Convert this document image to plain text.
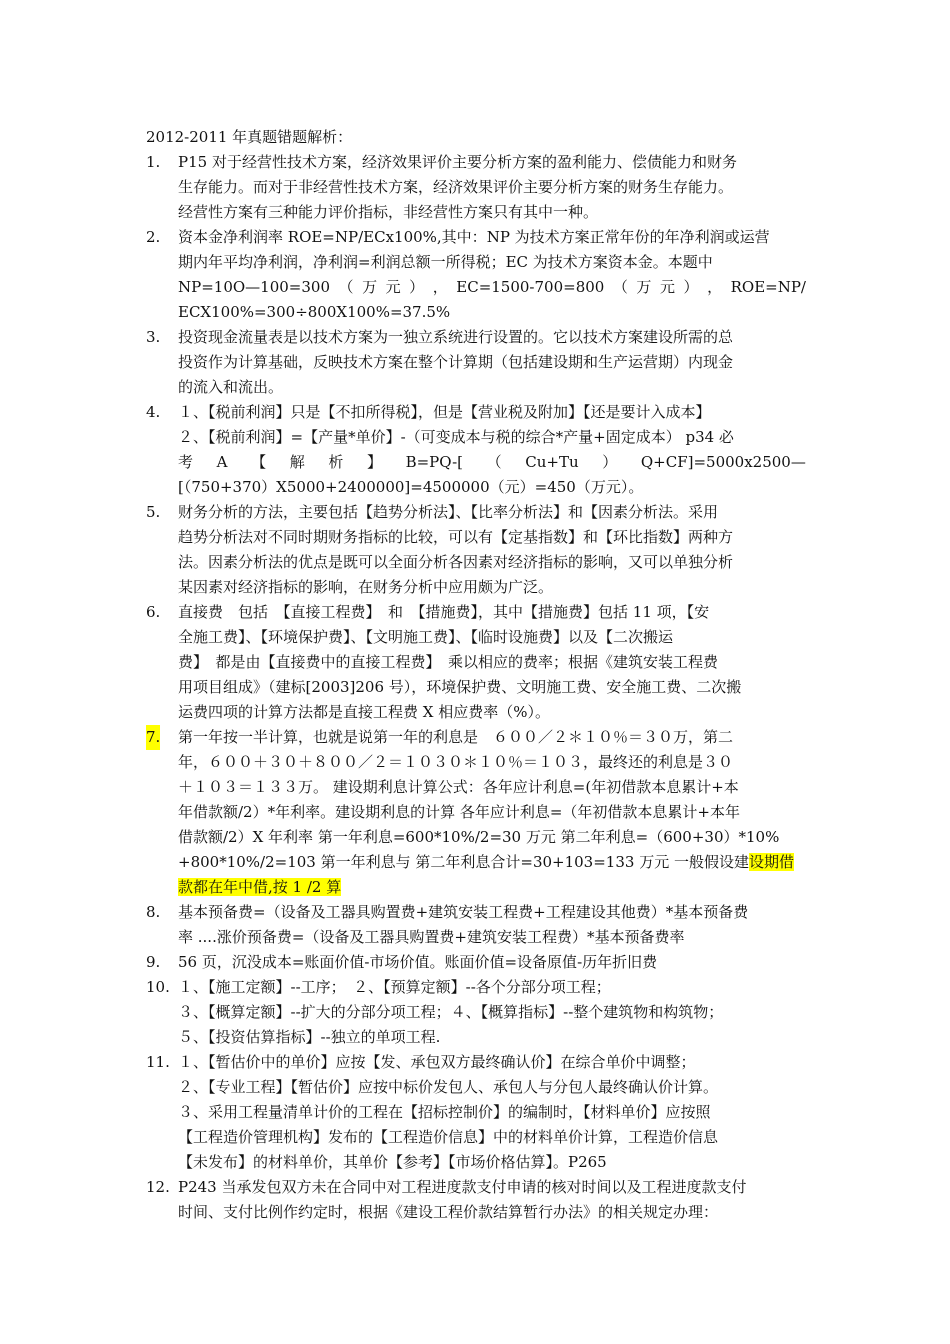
2012-2011 年真题错题解析：
1. P15 对于经营性技术方案，经济效果评价主要分析方案的盈利能力、偿债能力和财务
生存能力。而对于非经营性技术方案，经济效果评价主要分析方案的财务生存能力。
经营性方案有三种能力评价指标，非经营性方案只有其中一种。
2. 资本金净利润率 ROE=NP/ECx100%,其中：NP 为技术方案正常年份的年净利润或运营
期内年平均净利润，净利润=利润总额一所得税；EC 为技术方案资本金。本题中
NP=10O—100=300 （ 万 元 ） ， EC=1500-700=800 （ 万 元 ） ， ROE=NP/
ECX100%=300÷800X100%=37.5%
3. 投资现金流量表是以技术方案为一独立系统进行设置的。它以技术方案建设所需的总
投资作为计算基础，反映技术方案在整个计算期（包括建设期和生产运营期）内现金
的流入和流出。
4. １、【税前利润】只是【不扣所得税】，但是【营业税及附加】【还是要计入成本】
２、【税前利润】=【产量*单价】-（可变成本与税的综合*产量+固定成本） p34 必
考 A 【 解 析 】 B=PQ-[ （ Cu+Tu ） Q+CF]=5000x2500—
[（750+370）X5000+2400000]=4500000（元）=450（万元）。
5. 财务分析的方法，主要包括【趋势分析法】、【比率分析法】和【因素分析法。采用
趋势分析法对不同时期财务指标的比较，可以有【定基指数】和【环比指数】两种方
法。因素分析法的优点是既可以全面分析各因素对经济指标的影响，又可以单独分析
某因素对经济指标的影响，在财务分析中应用颇为广泛。
6. 直接费　包括　【直接工程费】　和　【措施费】，其中【措施费】包括 11 项，【安
全施工费】、【环境保护费】、【文明施工费】、【临时设施费】以及【二次搬运
费】　都是由【直接费中的直接工程费】　乘以相应的费率；根据《建筑安装工程费
用项目组成》（建标[2003]206 号），环境保护费、文明施工费、安全施工费、二次搬
运费四项的计算方法都是直接工程费 X 相应费率（%）。
7. 第一年按一半计算，也就是说第一年的利息是　６００／２＊１０％＝３０万，第二
年，６００＋３０＋８００／２＝１０３０＊１０％＝１０３，最终还的利息是３０
＋１０３＝１３３万。 建设期利息计算公式：各年应计利息=(年初借款本息累计+本
年借款额/2）*年利率。建设期利息的计算 各年应计利息=（年初借款本息累计+本年
借款额/2）X 年利率 第一年利息=600*10%/2=30 万元 第二年利息=（600+30）*10%
+800*10%/2=103 第一年利息与 第二年利息合计=30+103=133 万元 一般假设建设期借
款都在年中借,按 1 /2 算
8. 基本预备费=（设备及工器具购置费+建筑安装工程费+工程建设其他费）*基本预备费
率 ....涨价预备费=（设备及工器具购置费+建筑安装工程费）*基本预备费率
9. 56 页，沉没成本=账面价值-市场价值。账面价值=设备原值-历年折旧费
10. １、【施工定额】--工序；　２、【预算定额】--各个分部分项工程；
３、【概算定额】--扩大的分部分项工程；４、【概算指标】--整个建筑物和构筑物；
５、【投资估算指标】--独立的单项工程.
11. １、【暂估价中的单价】应按【发、承包双方最终确认价】在综合单价中调整；
２、【专业工程】【暂估价】应按中标价发包人、承包人与分包人最终确认价计算。
３、采用工程量清单计价的工程在【招标控制价】的编制时，【材料单价】应按照
【工程造价管理机构】发布的【工程造价信息】中的材料单价计算，工程造价信息
【未发布】的材料单价，其单价【参考】【市场价格估算】。P265
12. P243 当承发包双方未在合同中对工程进度款支付申请的核对时间以及工程进度款支付
时间、支付比例作约定时，根据《建设工程价款结算暂行办法》的相关规定办理：
